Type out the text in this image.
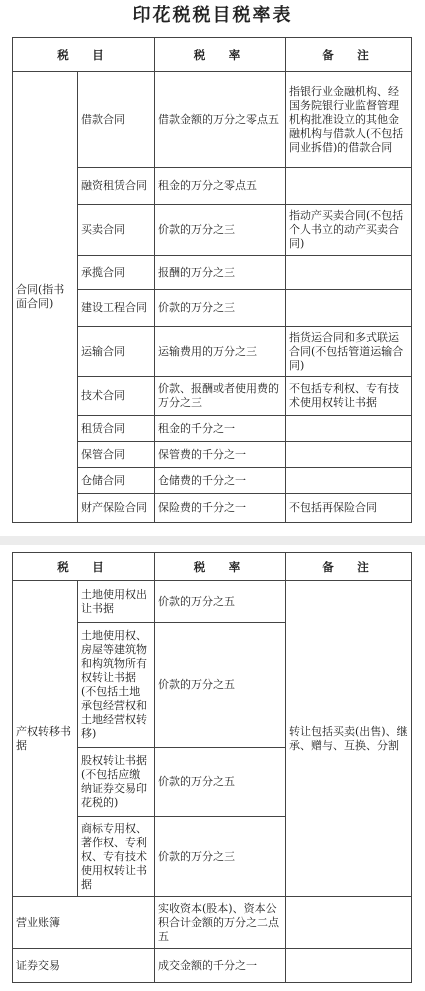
印花税税目税率表
税　目		税　率	备　注
合同(指书面合同)	借款合同	借款金额的万分之零点五	指银行业金融机构、经国务院银行业监督管理机构批准设立的其他金融机构与借款人(不包括同业拆借)的借款合同
	融资租赁合同	租金的万分之零点五	
	买卖合同	价款的万分之三	指动产买卖合同(不包括个人书立的动产买卖合同)
	承揽合同	报酬的万分之三	
	建设工程合同	价款的万分之三	
	运输合同	运输费用的万分之三	指货运合同和多式联运合同(不包括管道运输合同)
	技术合同	价款、报酬或者使用费的万分之三	不包括专利权、专有技术使用权转让书据
	租赁合同	租金的千分之一	
	保管合同	保管费的千分之一	
	仓储合同	仓储费的千分之一	
	财产保险合同	保险费的千分之一	不包括再保险合同
税　目		税　率	备　注
产权转移书据	土地使用权出让书据	价款的万分之五	转让包括买卖(出售)、继承、赠与、互换、分割
	土地使用权、房屋等建筑物和构筑物所有权转让书据(不包括土地承包经营权和土地经营权转移)	价款的万分之五	
	股权转让书据(不包括应缴纳证券交易印花税的)	价款的万分之五	
	商标专用权、著作权、专利权、专有技术使用权转让书据	价款的万分之三	
营业账簿		实收资本(股本)、资本公积合计金额的万分之二点五	
证券交易		成交金额的千分之一	
